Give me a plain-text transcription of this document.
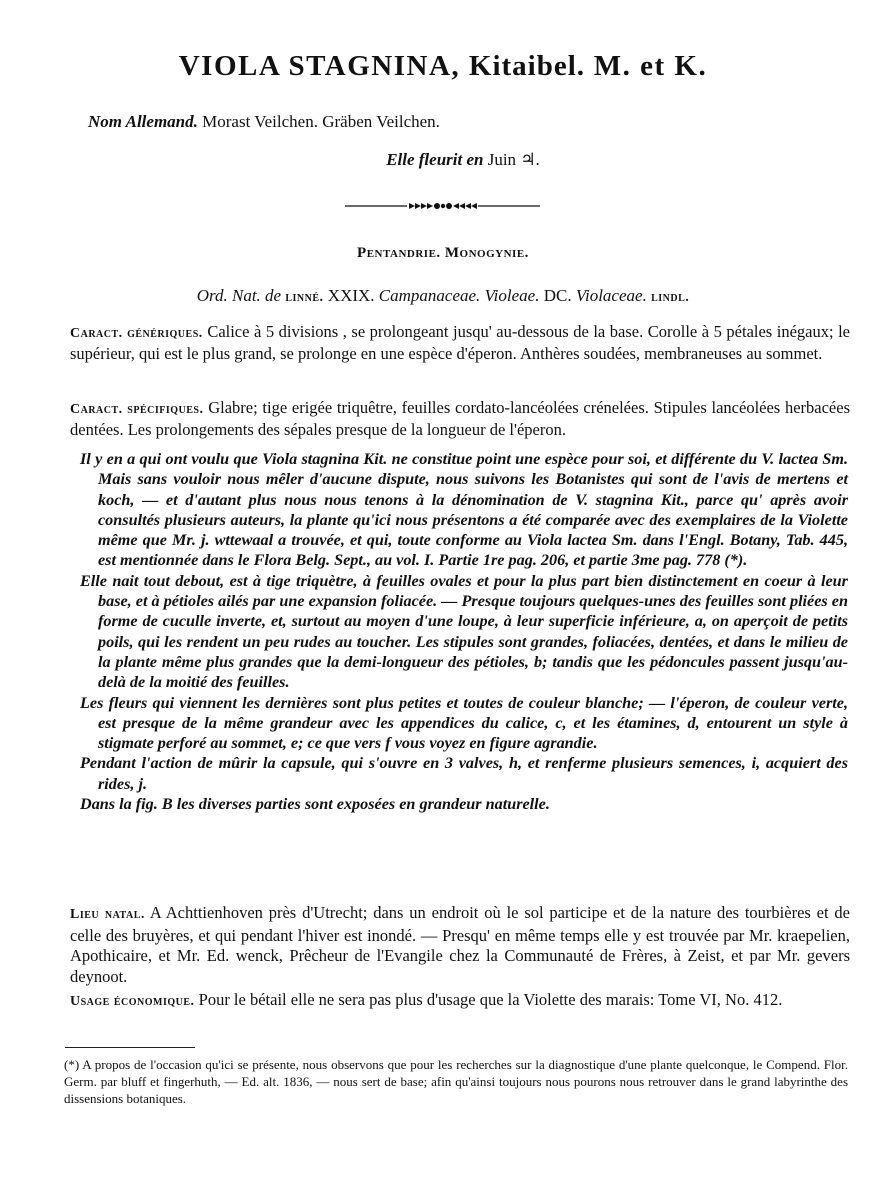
VIOLA STAGNINA, Kitaibel. M. et K.
Nom Allemand. Morast Veilchen. Gräben Veilchen.
Elle fleurit en Juin ♃.
Pentandrie. Monogynie.
Ord. Nat. de linné. XXIX. Campanaceae. Violeae. DC. Violaceae. lindl.
Caract. génériques. Calice à 5 divisions , se prolongeant jusqu' au-dessous de la base. Corolle à 5 pétales inégaux; le supérieur, qui est le plus grand, se prolonge en une espèce d'éperon. Anthères soudées, membraneuses au sommet.
Caract. spécifiques. Glabre; tige erigée triquêtre, feuilles cordato-lancéolées crénelées. Stipules lancéolées herbacées dentées. Les prolongements des sépales presque de la longueur de l'éperon.

Il y en a qui ont voulu que Viola stagnina Kit. ne constitue point une espèce pour soi, et différente du V. lactea Sm. Mais sans vouloir nous mêler d'aucune dispute, nous suivons les Botanistes qui sont de l'avis de mertens et koch, — et d'autant plus nous nous tenons à la dénomination de V. stagnina Kit., parce qu' après avoir consultés plusieurs auteurs, la plante qu'ici nous présentons a été comparée avec des exemplaires de la Violette même que Mr. j. wttewaal a trouvée, et qui, toute conforme au Viola lactea Sm. dans l'Engl. Botany, Tab. 445, est mentionnée dans le Flora Belg. Sept., au vol. I. Partie 1re pag. 206, et partie 3me pag. 778 (*).

Elle nait tout debout, est à tige triquètre, à feuilles ovales et pour la plus part bien distinctement en coeur à leur base, et à pétioles ailés par une expansion foliacée. — Presque toujours quelques-unes des feuilles sont pliées en forme de cuculle inverte, et, surtout au moyen d'une loupe, à leur superficie inférieure, a, on aperçoit de petits poils, qui les rendent un peu rudes au toucher. Les stipules sont grandes, foliacées, dentées, et dans le milieu de la plante même plus grandes que la demi-longueur des pétioles, b; tandis que les pédoncules passent jusqu'au-delà de la moitié des feuilles.

Les fleurs qui viennent les dernières sont plus petites et toutes de couleur blanche; — l'éperon, de couleur verte, est presque de la même grandeur avec les appendices du calice, c, et les étamines, d, entourent un style à stigmate perforé au sommet, e; ce que vers f vous voyez en figure agrandie.

Pendant l'action de mûrir la capsule, qui s'ouvre en 3 valves, h, et renferme plusieurs semences, i, acquiert des rides, j.

Dans la fig. B les diverses parties sont exposées en grandeur naturelle.

Lieu natal. A Achttienhoven près d'Utrecht; dans un endroit où le sol participe et de la nature des tourbières et de celle des bruyères, et qui pendant l'hiver est inondé. — Presqu' en même temps elle y est trouvée par Mr. kraepelien, Apothicaire, et Mr. Ed. wenck, Prêcheur de l'Evangile chez la Communauté de Frères, à Zeist, et par Mr. gevers deynoot.
Usage économique. Pour le bétail elle ne sera pas plus d'usage que la Violette des marais: Tome VI, No. 412.
(*) A propos de l'occasion qu'ici se présente, nous observons que pour les recherches sur la diagnostique d'une plante quelconque, le Compend. Flor. Germ. par bluff et fingerhuth, — Ed. alt. 1836, — nous sert de base; afin qu'ainsi toujours nous pourons nous retrouver dans le grand labyrinthe des dissensions botaniques.
